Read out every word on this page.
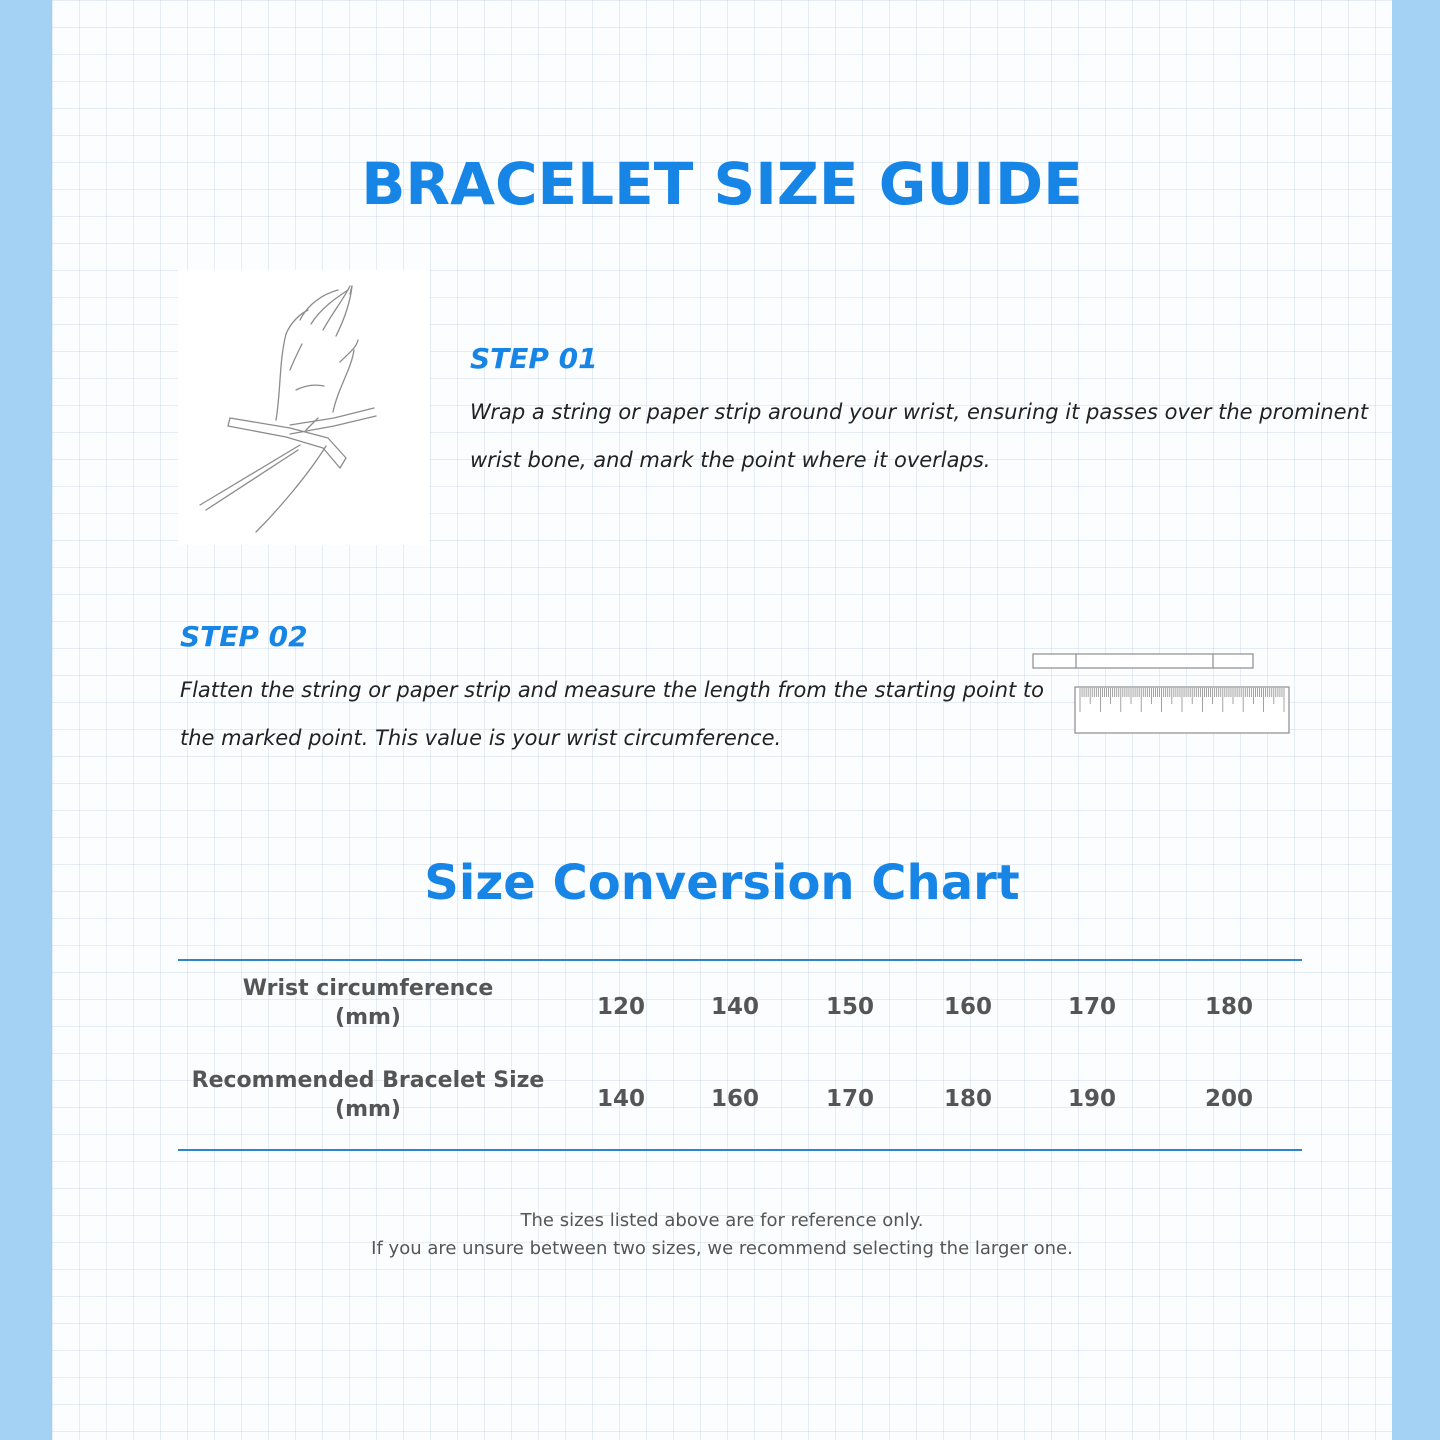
BRACELET SIZE GUIDE
STEP 01

Wrap a string or paper strip around your wrist, ensuring it passes over the prominent wrist bone, and mark the point where it overlaps.

STEP 02

Flatten the string or paper strip and measure the length from the starting point to the marked point. This value is your wrist circumference.

Size Conversion Chart
Wrist circumference
(mm)	120	140	150	160	170	180
Recommended Bracelet Size
(mm)	140	160	170	180	190	200

The sizes listed above are for reference only.

If you are unsure between two sizes, we recommend selecting the larger one.
